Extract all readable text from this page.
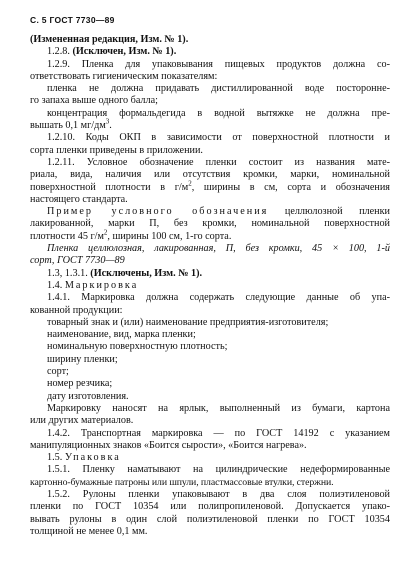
С. 5 ГОСТ 7730—89

(Измененная редакция, Изм. № 1).

1.2.8. (Исключен, Изм. № 1).

1.2.9. Пленка для упаковывания пищевых продуктов должна со-
ответствовать гигиеническим показателям:

пленка не должна придавать дистиллированной воде посторонне-
го запаха выше одного балла;

концентрация формальдегида в водной вытяжке не должна пре-
вышать 0,1 $мг/дм^3$.

1.2.10. Коды ОКП в зависимости от поверхностной плотности и
сорта пленки приведены в приложении.

1.2.11. Условное обозначение пленки состоит из названия мате-
риала, вида, наличия или отсутствия кромки, марки, номинальной
поверхностной плотности в $г/м^2$, ширины в см, сорта и обозначения
настоящего стандарта.

Пример условного обозначения целлюлозной пленки
лакированной, марки П, без кромки, номинальной поверхностной
плотности 45 $г/м^2$, ширины 100 см, 1-го сорта.

Пленка целлюлозная, лакированная, П, без кромки, 45 × 100, 1-й
сорт, ГОСТ 7730—89

1.3, 1.3.1. (Исключены, Изм. № 1).

1.4. Маркировка

1.4.1. Маркировка должна содержать следующие данные об упа-
кованной продукции:

товарный знак и (или) наименование предприятия-изготовителя;

наименование, вид, марка пленки;

номинальную поверхностную плотность;

ширину пленки;

сорт;

номер резчика;

дату изготовления.

Маркировку наносят на ярлык, выполненный из бумаги, картона
или других материалов.

1.4.2. Транспортная маркировка — по ГОСТ 14192 с указанием
манипуляционных знаков «Боится сырости», «Боится нагрева».

1.5. Упаковка

1.5.1. Пленку наматывают на цилиндрические недеформированные
картонно-бумажные патроны или шпули, пластмассовые втулки, стержни.

1.5.2. Рулоны пленки упаковывают в два слоя полиэтиленовой
пленки по ГОСТ 10354 или полипропиленовой. Допускается упако-
вывать рулоны в один слой полиэтиленовой пленки по ГОСТ 10354
толщиной не менее 0,1 мм.
